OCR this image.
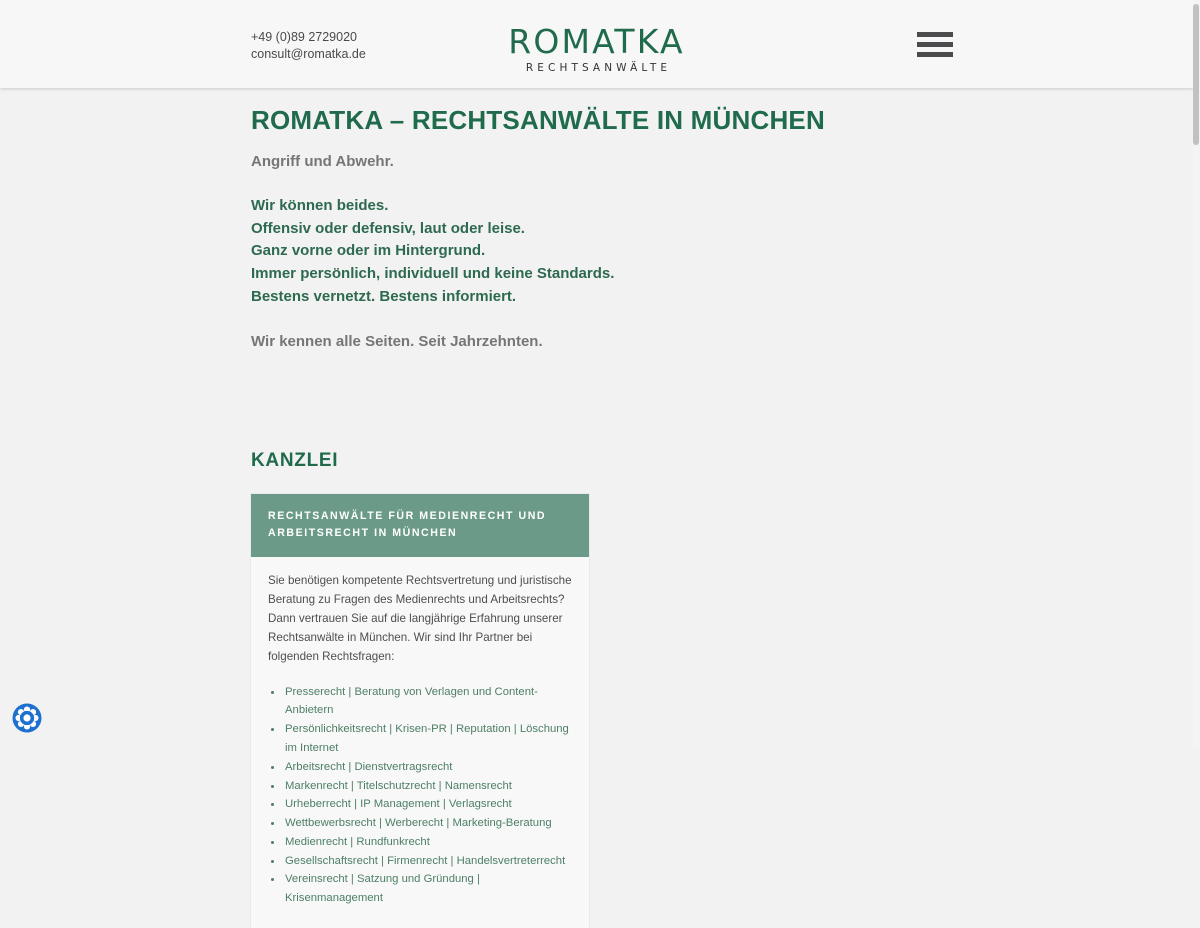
+49 (0)89 2729020
consult@romatka.de	ROMATKA
RECHTSANWÄLTE
ROMATKA – RECHTSANWÄLTE IN MÜNCHEN

Angriff und Abwehr.

Wir können beides.
Offensiv oder defensiv, laut oder leise.
Ganz vorne oder im Hintergrund.
Immer persönlich, individuell und keine Standards.
Bestens vernetzt. Bestens informiert.

Wir kennen alle Seiten. Seit Jahrzehnten.

KANZLEI
RECHTSANWÄLTE FÜR MEDIENRECHT UND ARBEITSRECHT IN MÜNCHEN

Sie benötigen kompetente Rechtsvertretung und juristische Beratung zu Fragen des Medienrechts und Arbeitsrechts? Dann vertrauen Sie auf die langjährige Erfahrung unserer Rechtsanwälte in München. Wir sind Ihr Partner bei folgenden Rechtsfragen:

Presserecht | Beratung von Verlagen und Content-Anbietern
Persönlichkeitsrecht | Krisen-PR | Reputation | Löschung im Internet
Arbeitsrecht | Dienstvertragsrecht
Markenrecht | Titelschutzrecht | Namensrecht
Urheberrecht | IP Management | Verlagsrecht
Wettbewerbsrecht | Werberecht | Marketing-Beratung
Medienrecht | Rundfunkrecht
Gesellschaftsrecht | Firmenrecht | Handelsvertreterrecht
Vereinsrecht | Satzung und Gründung | Krisenmanagement
